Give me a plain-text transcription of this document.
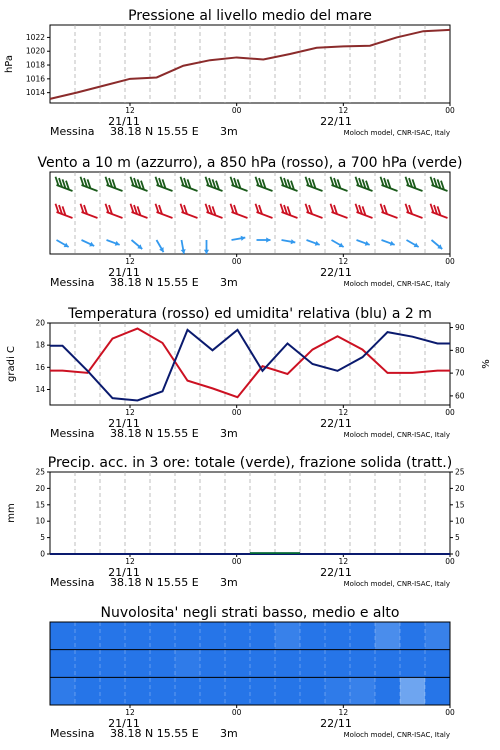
Pressione al livello medio del mare
12	00	12	00
21/11	22/11
Messina 38.18 N 15.55 E 3m	Moloch model, CNR-ISAC, Italy
1014
1016
1018
1020
1022
hPa
Vento a 10 m (azzurro), a 850 hPa (rosso), a 700 hPa (verde)
12	00	12	00
21/11	22/11
Messina 38.18 N 15.55 E 3m	Moloch model, CNR-ISAC, Italy
Temperatura (rosso) ed umidita' relativa (blu) a 2 m
12	00	12	00
21/11	22/11
Messina 38.18 N 15.55 E 3m	Moloch model, CNR-ISAC, Italy
14
16
18
20
gradi C
60
70
80
90
%
Precip. acc. in 3 ore: totale (verde), frazione solida (tratt.)
12	00	12	00
21/11	22/11
Messina 38.18 N 15.55 E 3m	Moloch model, CNR-ISAC, Italy
0
5
10
15
20
25
mm
0
5
10
15
20
25
Nuvolosita' negli strati basso, medio e alto
12	00	12	00
21/11	22/11
Messina 38.18 N 15.55 E 3m	Moloch model, CNR-ISAC, Italy
